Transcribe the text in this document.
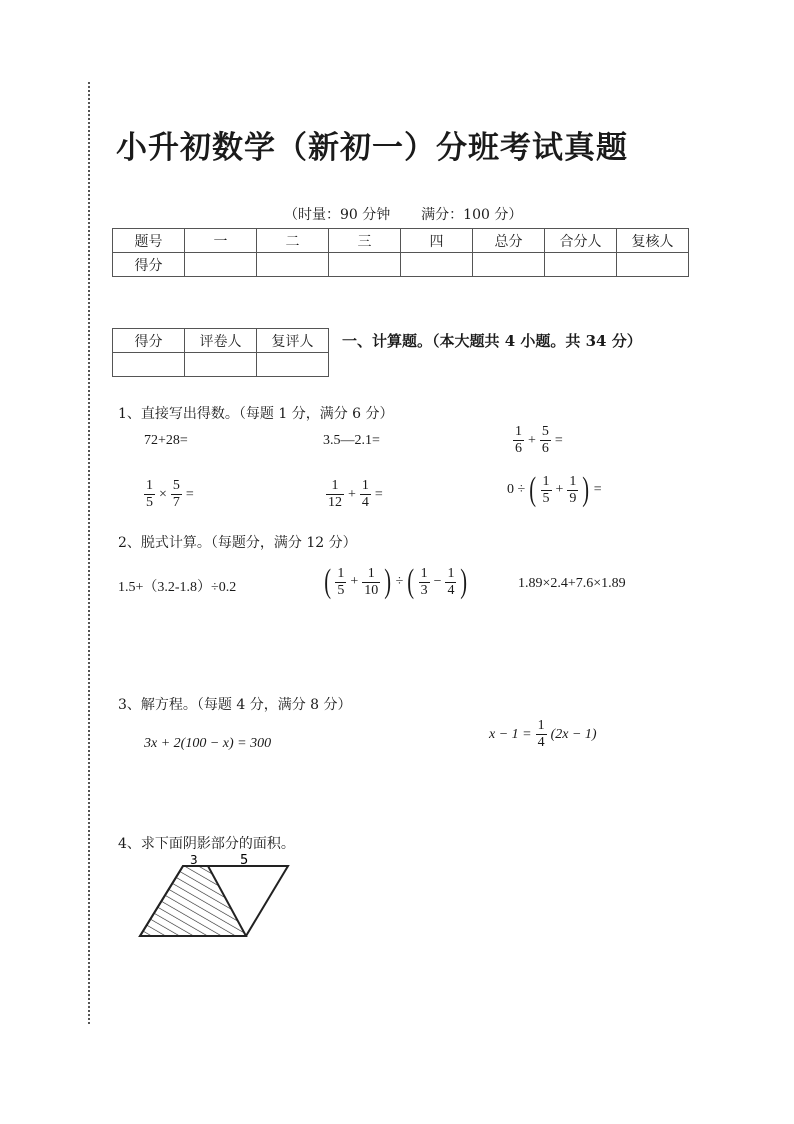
小升初数学（新初一）分班考试真题
（时量：90 分钟 满分：100 分）
题号	一	二	三	四	总分	合分人	复核人
得分							
得分	评卷人	复评人
		一、计算题。（本大题共 4 小题。共 34 分）
1、直接写出得数。（每题 1 分，满分 6 分）
72+28=	3.5—2.1=	$\frac{1}{6} + \frac{5}{6}$ =
$\frac{1}{5} \times \frac{5}{7}$ =	$\frac{1}{12} + \frac{1}{4}$ =	0 ÷ ( $\frac{1}{5} + \frac{1}{9}$ ) =
2、脱式计算。（每题分，满分 12 分）
1.5+（3.2-1.8）÷0.2	( $\frac{1}{5} + \frac{1}{10}$ ) ÷ ( $\frac{1}{3} - \frac{1}{4}$ )	1.89×2.4+7.6×1.89
3、解方程。（每题 4 分，满分 8 分）
3x + 2(100 − x) = 300
$x - 1 = \frac{1}{4} (2x - 1)$
4、求下面阴影部分的面积。
3	5
